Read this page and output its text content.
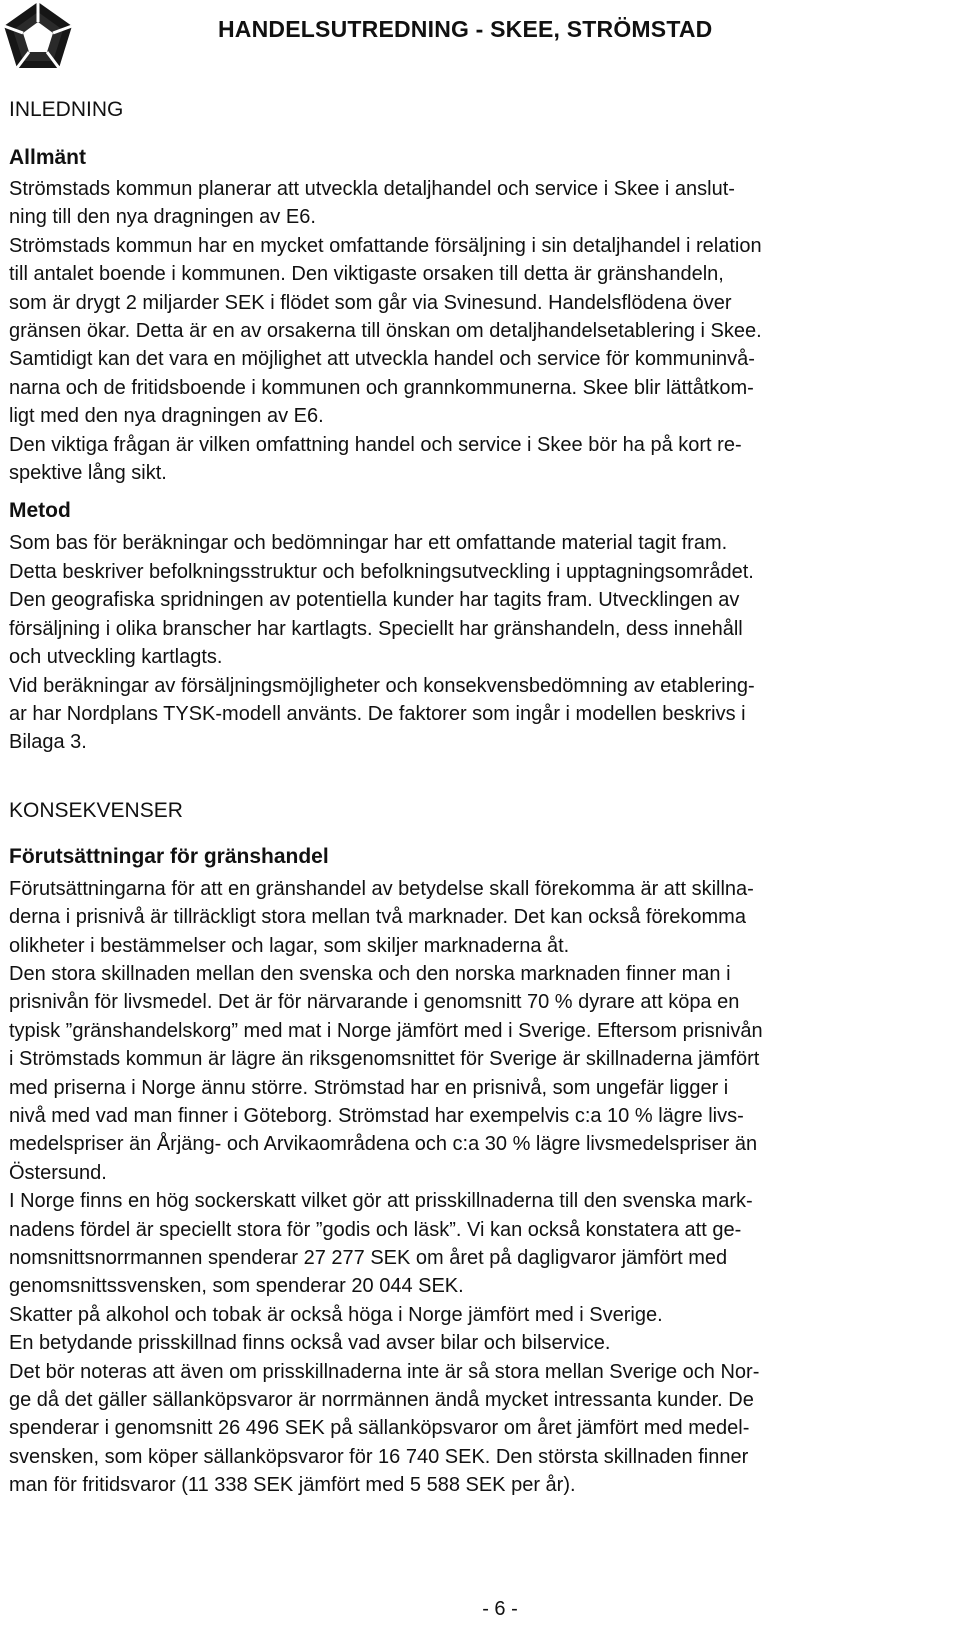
HANDELSUTREDNING - SKEE, STRÖMSTAD
INLEDNING
Allmänt

Strömstads kommun planerar att utveckla detaljhandel och service i Skee i anslut-
ning till den nya dragningen av E6.
Strömstads kommun har en mycket omfattande försäljning i sin detaljhandel i relation
till antalet boende i kommunen. Den viktigaste orsaken till detta är gränshandeln,
som är drygt 2 miljarder SEK i flödet som går via Svinesund. Handelsflödena över
gränsen ökar. Detta är en av orsakerna till önskan om detaljhandelsetablering i Skee.
Samtidigt kan det vara en möjlighet att utveckla handel och service för kommuninvå-
narna och de fritidsboende i kommunen och grannkommunerna. Skee blir lättåtkom-
ligt med den nya dragningen av E6.
Den viktiga frågan är vilken omfattning handel och service i Skee bör ha på kort re-
spektive lång sikt.

Metod

Som bas för beräkningar och bedömningar har ett omfattande material tagit fram.
Detta beskriver befolkningsstruktur och befolkningsutveckling i upptagningsområdet.
Den geografiska spridningen av potentiella kunder har tagits fram. Utvecklingen av
försäljning i olika branscher har kartlagts. Speciellt har gränshandeln, dess innehåll
och utveckling kartlagts.
Vid beräkningar av försäljningsmöjligheter och konsekvensbedömning av etablering-
ar har Nordplans TYSK-modell använts. De faktorer som ingår i modellen beskrivs i
Bilaga 3.

KONSEKVENSER
Förutsättningar för gränshandel

Förutsättningarna för att en gränshandel av betydelse skall förekomma är att skillna-
derna i prisnivå är tillräckligt stora mellan två marknader. Det kan också förekomma
olikheter i bestämmelser och lagar, som skiljer marknaderna åt.
Den stora skillnaden mellan den svenska och den norska marknaden finner man i
prisnivån för livsmedel. Det är för närvarande i genomsnitt 70 % dyrare att köpa en
typisk ”gränshandelskorg” med mat i Norge jämfört med i Sverige. Eftersom prisnivån
i Strömstads kommun är lägre än riksgenomsnittet för Sverige är skillnaderna jämfört
med priserna i Norge ännu större. Strömstad har en prisnivå, som ungefär ligger i
nivå med vad man finner i Göteborg. Strömstad har exempelvis c:a 10 % lägre livs-
medelspriser än Årjäng- och Arvikaområdena och c:a 30 % lägre livsmedelspriser än
Östersund.
I Norge finns en hög sockerskatt vilket gör att prisskillnaderna till den svenska mark-
nadens fördel är speciellt stora för ”godis och läsk”. Vi kan också konstatera att ge-
nomsnittsnorrmannen spenderar 27 277 SEK om året på dagligvaror jämfört med
genomsnittssvensken, som spenderar 20 044 SEK.
Skatter på alkohol och tobak är också höga i Norge jämfört med i Sverige.
En betydande prisskillnad finns också vad avser bilar och bilservice.
Det bör noteras att även om prisskillnaderna inte är så stora mellan Sverige och Nor-
ge då det gäller sällanköpsvaror är norrmännen ändå mycket intressanta kunder. De
spenderar i genomsnitt 26 496 SEK på sällanköpsvaror om året jämfört med medel-
svensken, som köper sällanköpsvaror för 16 740 SEK. Den största skillnaden finner
man för fritidsvaror (11 338 SEK jämfört med 5 588 SEK per år).

- 6 -
